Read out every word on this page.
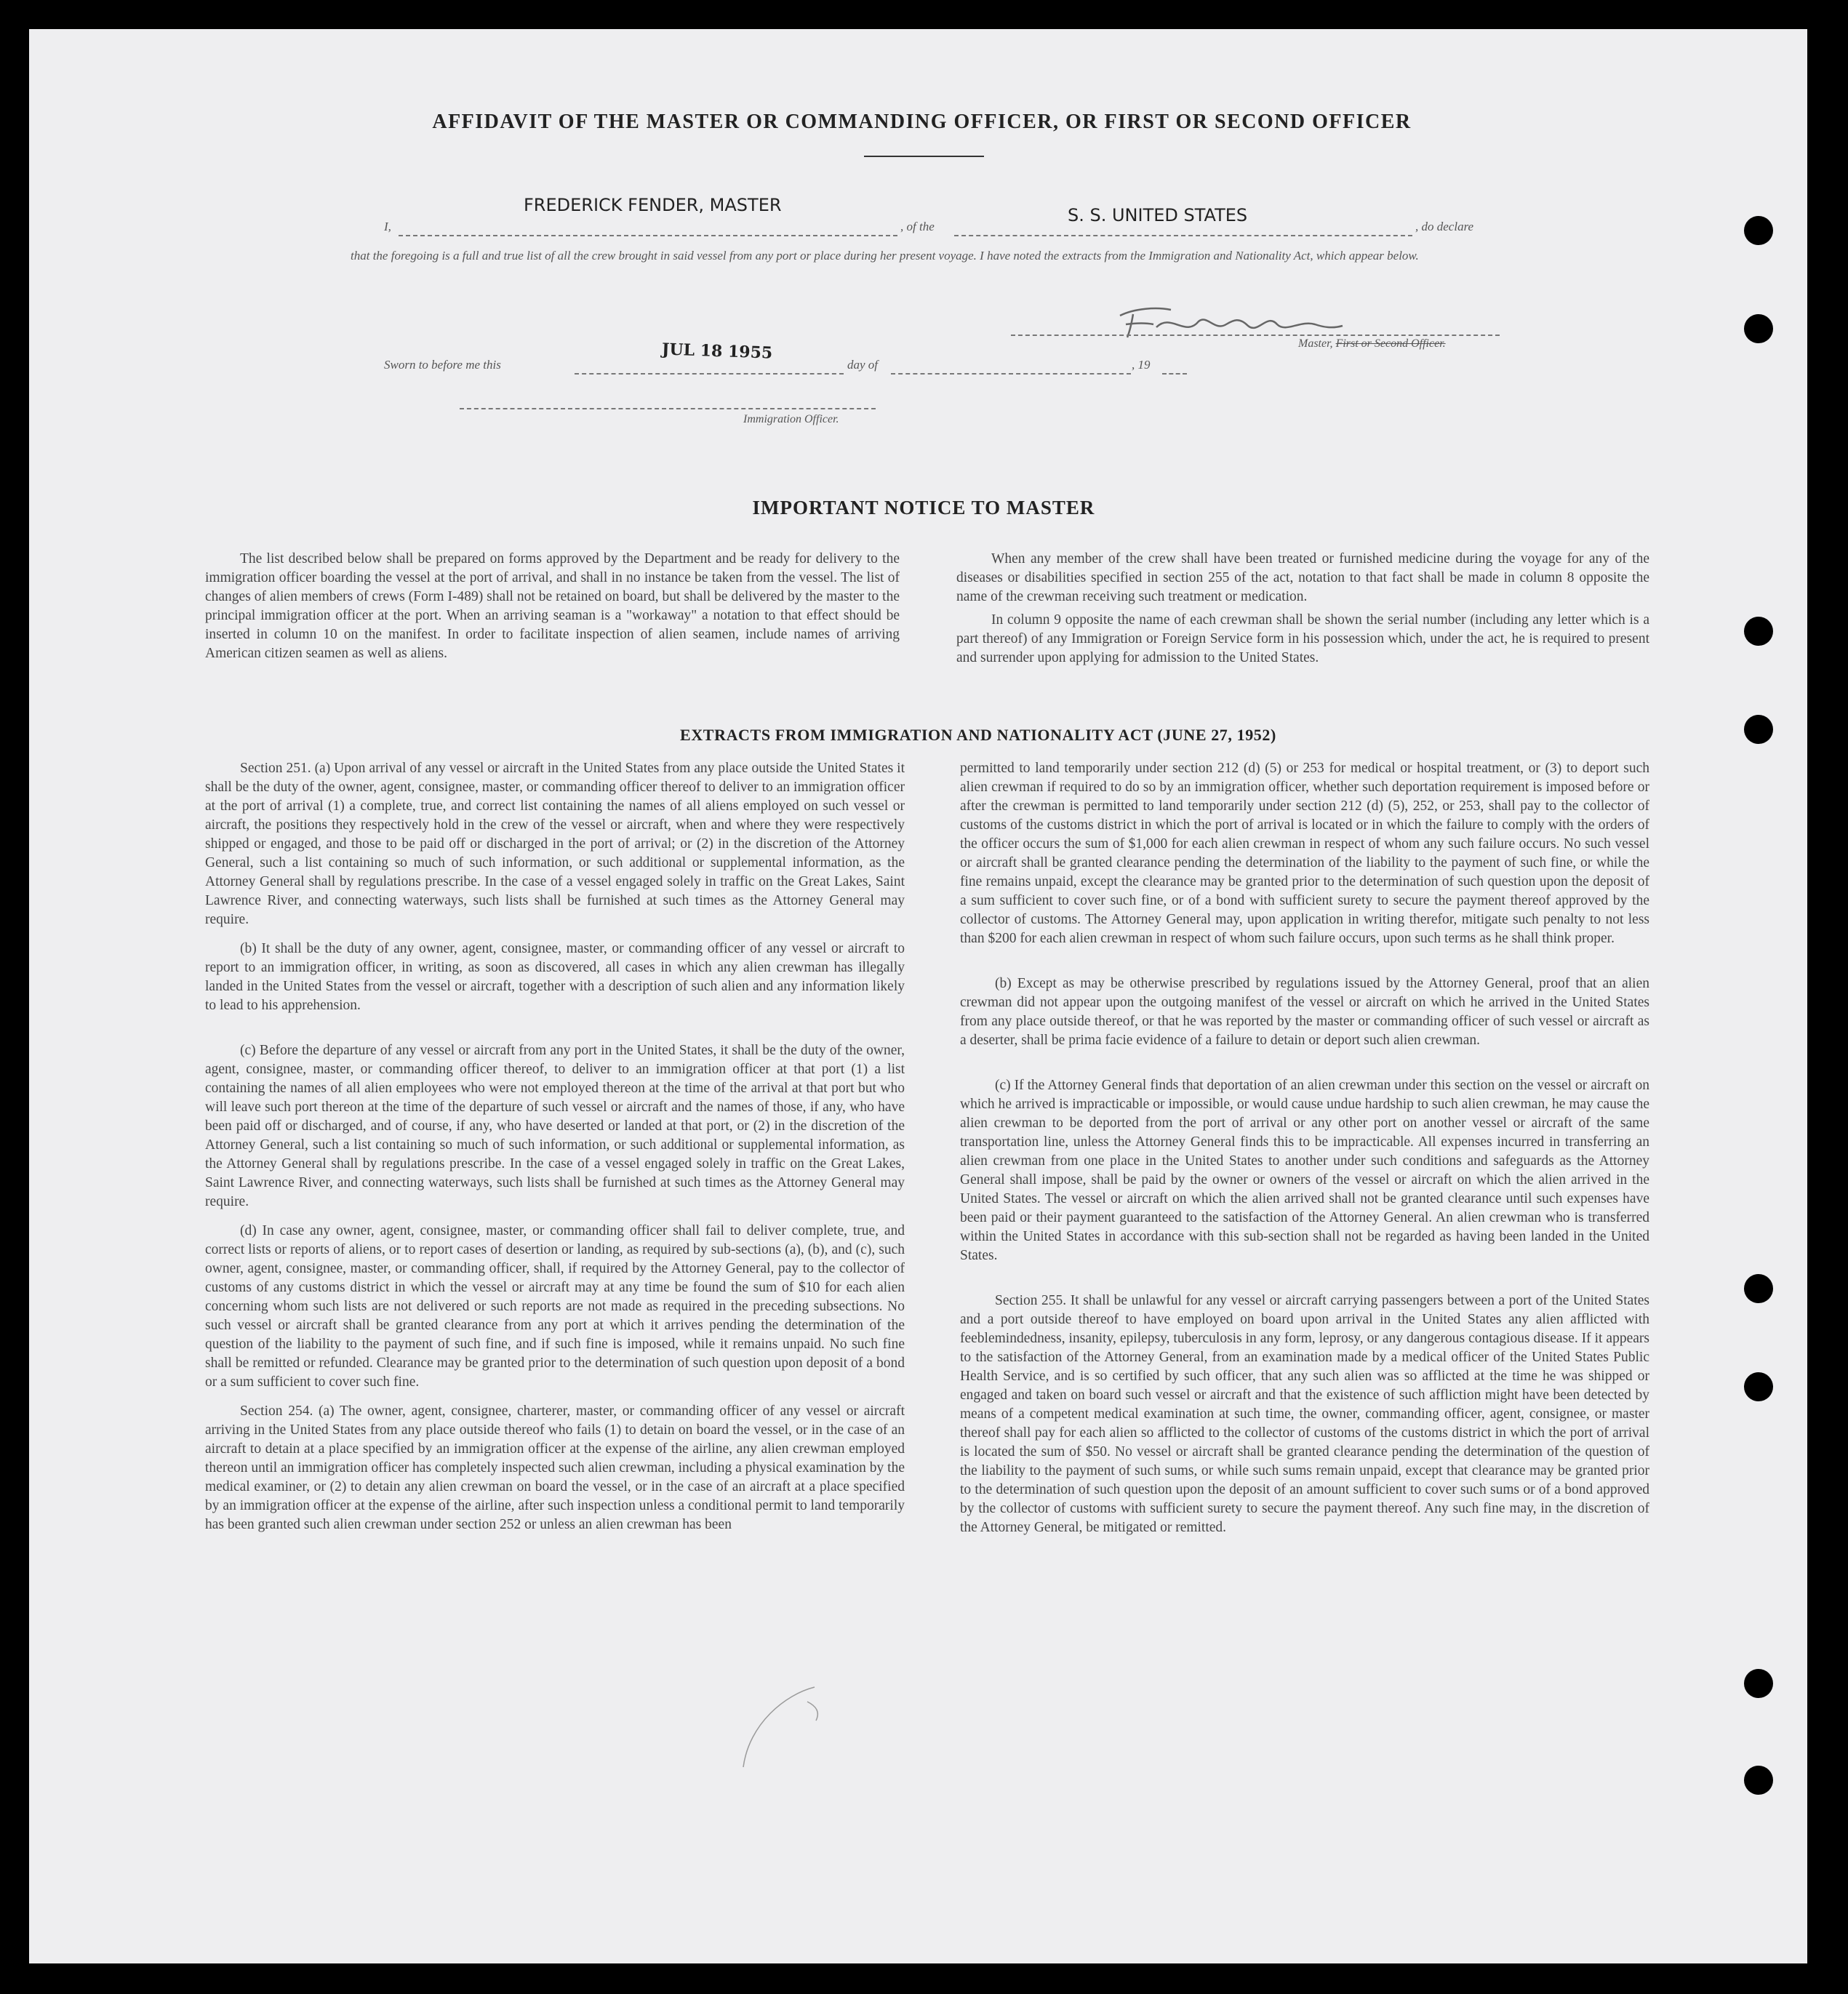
AFFIDAVIT OF THE MASTER OR COMMANDING OFFICER, OR FIRST OR SECOND OFFICER
FREDERICK FENDER, MASTER	S. S. UNITED STATES
I,	, of the	, do declare
that the foregoing is a full and true list of all the crew brought in said vessel from any port or place during her present voyage. I have noted the extracts from the Immigration and Nationality Act, which appear below.
Master, First or Second Officer.
Sworn to before me this
JUL 18 1955
day of	, 19
Immigration Officer.
IMPORTANT NOTICE TO MASTER

The list described below shall be prepared on forms approved by the Department and be ready for delivery to the immigration officer boarding the vessel at the port of arrival, and shall in no instance be taken from the vessel. The list of changes of alien members of crews (Form I-489) shall not be retained on board, but shall be delivered by the master to the principal immigration officer at the port. When an arriving seaman is a "workaway" a notation to that effect should be inserted in column 10 on the manifest. In order to facilitate inspection of alien seamen, include names of arriving American citizen seamen as well as aliens.

When any member of the crew shall have been treated or furnished medicine during the voyage for any of the diseases or disabilities specified in section 255 of the act, notation to that fact shall be made in column 8 opposite the name of the crewman receiving such treatment or medication.

In column 9 opposite the name of each crewman shall be shown the serial number (including any letter which is a part thereof) of any Immigration or Foreign Service form in his possession which, under the act, he is required to present and surrender upon applying for admission to the United States.

EXTRACTS FROM IMMIGRATION AND NATIONALITY ACT (JUNE 27, 1952)

Section 251. (a) Upon arrival of any vessel or aircraft in the United States from any place outside the United States it shall be the duty of the owner, agent, consignee, master, or commanding officer thereof to deliver to an immigration officer at the port of arrival (1) a complete, true, and correct list containing the names of all aliens employed on such vessel or aircraft, the positions they respectively hold in the crew of the vessel or aircraft, when and where they were respectively shipped or engaged, and those to be paid off or discharged in the port of arrival; or (2) in the discretion of the Attorney General, such a list containing so much of such information, or such additional or supplemental information, as the Attorney General shall by regulations prescribe. In the case of a vessel engaged solely in traffic on the Great Lakes, Saint Lawrence River, and connecting waterways, such lists shall be furnished at such times as the Attorney General may require.

(b) It shall be the duty of any owner, agent, consignee, master, or commanding officer of any vessel or aircraft to report to an immigration officer, in writing, as soon as discovered, all cases in which any alien crewman has illegally landed in the United States from the vessel or aircraft, together with a description of such alien and any information likely to lead to his apprehension.

(c) Before the departure of any vessel or aircraft from any port in the United States, it shall be the duty of the owner, agent, consignee, master, or commanding officer thereof, to deliver to an immigration officer at that port (1) a list containing the names of all alien employees who were not employed thereon at the time of the arrival at that port but who will leave such port thereon at the time of the departure of such vessel or aircraft and the names of those, if any, who have been paid off or discharged, and of course, if any, who have deserted or landed at that port, or (2) in the discretion of the Attorney General, such a list containing so much of such information, or such additional or supplemental information, as the Attorney General shall by regulations prescribe. In the case of a vessel engaged solely in traffic on the Great Lakes, Saint Lawrence River, and connecting waterways, such lists shall be furnished at such times as the Attorney General may require.

(d) In case any owner, agent, consignee, master, or commanding officer shall fail to deliver complete, true, and correct lists or reports of aliens, or to report cases of desertion or landing, as required by sub-sections (a), (b), and (c), such owner, agent, consignee, master, or commanding officer, shall, if required by the Attorney General, pay to the collector of customs of any customs district in which the vessel or aircraft may at any time be found the sum of $10 for each alien concerning whom such lists are not delivered or such reports are not made as required in the preceding subsections. No such vessel or aircraft shall be granted clearance from any port at which it arrives pending the determination of the question of the liability to the payment of such fine, and if such fine is imposed, while it remains unpaid. No such fine shall be remitted or refunded. Clearance may be granted prior to the determination of such question upon deposit of a bond or a sum sufficient to cover such fine.

Section 254. (a) The owner, agent, consignee, charterer, master, or commanding officer of any vessel or aircraft arriving in the United States from any place outside thereof who fails (1) to detain on board the vessel, or in the case of an aircraft to detain at a place specified by an immigration officer at the expense of the airline, any alien crewman employed thereon until an immigration officer has completely inspected such alien crewman, including a physical examination by the medical examiner, or (2) to detain any alien crewman on board the vessel, or in the case of an aircraft at a place specified by an immigration officer at the expense of the airline, after such inspection unless a conditional permit to land temporarily has been granted such alien crewman under section 252 or unless an alien crewman has been

permitted to land temporarily under section 212 (d) (5) or 253 for medical or hospital treatment, or (3) to deport such alien crewman if required to do so by an immigration officer, whether such deportation requirement is imposed before or after the crewman is permitted to land temporarily under section 212 (d) (5), 252, or 253, shall pay to the collector of customs of the customs district in which the port of arrival is located or in which the failure to comply with the orders of the officer occurs the sum of $1,000 for each alien crewman in respect of whom any such failure occurs. No such vessel or aircraft shall be granted clearance pending the determination of the liability to the payment of such fine, or while the fine remains unpaid, except the clearance may be granted prior to the determination of such question upon the deposit of a sum sufficient to cover such fine, or of a bond with sufficient surety to secure the payment thereof approved by the collector of customs. The Attorney General may, upon application in writing therefor, mitigate such penalty to not less than $200 for each alien crewman in respect of whom such failure occurs, upon such terms as he shall think proper.

(b) Except as may be otherwise prescribed by regulations issued by the Attorney General, proof that an alien crewman did not appear upon the outgoing manifest of the vessel or aircraft on which he arrived in the United States from any place outside thereof, or that he was reported by the master or commanding officer of such vessel or aircraft as a deserter, shall be prima facie evidence of a failure to detain or deport such alien crewman.

(c) If the Attorney General finds that deportation of an alien crewman under this section on the vessel or aircraft on which he arrived is impracticable or impossible, or would cause undue hardship to such alien crewman, he may cause the alien crewman to be deported from the port of arrival or any other port on another vessel or aircraft of the same transportation line, unless the Attorney General finds this to be impracticable. All expenses incurred in transferring an alien crewman from one place in the United States to another under such conditions and safeguards as the Attorney General shall impose, shall be paid by the owner or owners of the vessel or aircraft on which the alien arrived in the United States. The vessel or aircraft on which the alien arrived shall not be granted clearance until such expenses have been paid or their payment guaranteed to the satisfaction of the Attorney General. An alien crewman who is transferred within the United States in accordance with this sub-section shall not be regarded as having been landed in the United States.

Section 255. It shall be unlawful for any vessel or aircraft carrying passengers between a port of the United States and a port outside thereof to have employed on board upon arrival in the United States any alien afflicted with feeblemindedness, insanity, epilepsy, tuberculosis in any form, leprosy, or any dangerous contagious disease. If it appears to the satisfaction of the Attorney General, from an examination made by a medical officer of the United States Public Health Service, and is so certified by such officer, that any such alien was so afflicted at the time he was shipped or engaged and taken on board such vessel or aircraft and that the existence of such affliction might have been detected by means of a competent medical examination at such time, the owner, commanding officer, agent, consignee, or master thereof shall pay for each alien so afflicted to the collector of customs of the customs district in which the port of arrival is located the sum of $50. No vessel or aircraft shall be granted clearance pending the determination of the question of the liability to the payment of such sums, or while such sums remain unpaid, except that clearance may be granted prior to the determination of such question upon the deposit of an amount sufficient to cover such sums or of a bond approved by the collector of customs with sufficient surety to secure the payment thereof. Any such fine may, in the discretion of the Attorney General, be mitigated or remitted.
